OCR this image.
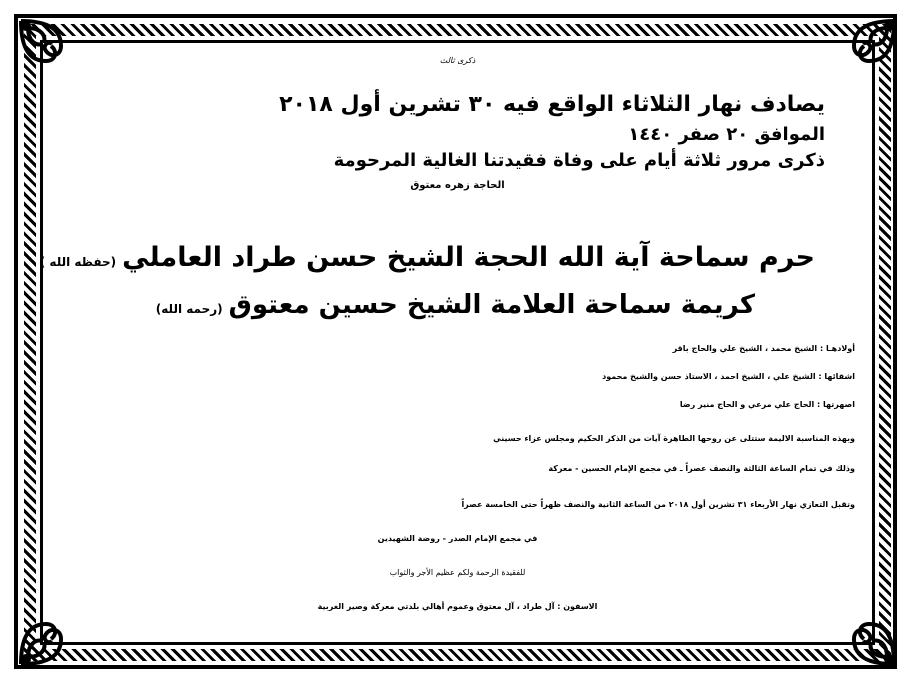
ذكرى ثالث
يصادف نهار الثلاثاء الواقع فيه ٣٠ تشرين أول ٢٠١٨
الموافق ٢٠ صفر ١٤٤٠
ذكرى مرور ثلاثة أيام على وفاة فقيدتنا الغالية المرحومة
الحاجة زهره معتوق
حرم سماحة آية الله الحجة الشيخ حسن طراد العاملي(حفظه الله )
كريمة سماحة العلامة الشيخ حسين معتوق(رحمه الله)
أولادهـا : الشيخ محمد ، الشيخ علي والحاج باقر
اشقائها : الشيخ علي ، الشيخ احمد ، الاستاذ حسن والشيخ محمود
اصهرتها : الحاج علي مرعي و الحاج منير رضا
وبهذه المناسبة الاليمة ستتلى عن روحها الطاهرة آيات من الذكر الحكيم ومجلس عزاء حسيني
وذلك في تمام الساعة الثالثة والنصف عصراً ـ في مجمع الإمام الحسين - معركة
وتقبل التعازي نهار الأربعاء ٣١ تشرين أول ٢٠١٨ من الساعة الثانية والنصف ظهراً حتى الخامسة عصراً
في مجمع الإمام الصدر - روضة الشهيدين
للفقيدة الرحمة ولكم عظيم الأجر والثواب
الاسفون : آل طراد ، آل معتوق وعموم أهالي بلدتي معركة وصير الغربية
